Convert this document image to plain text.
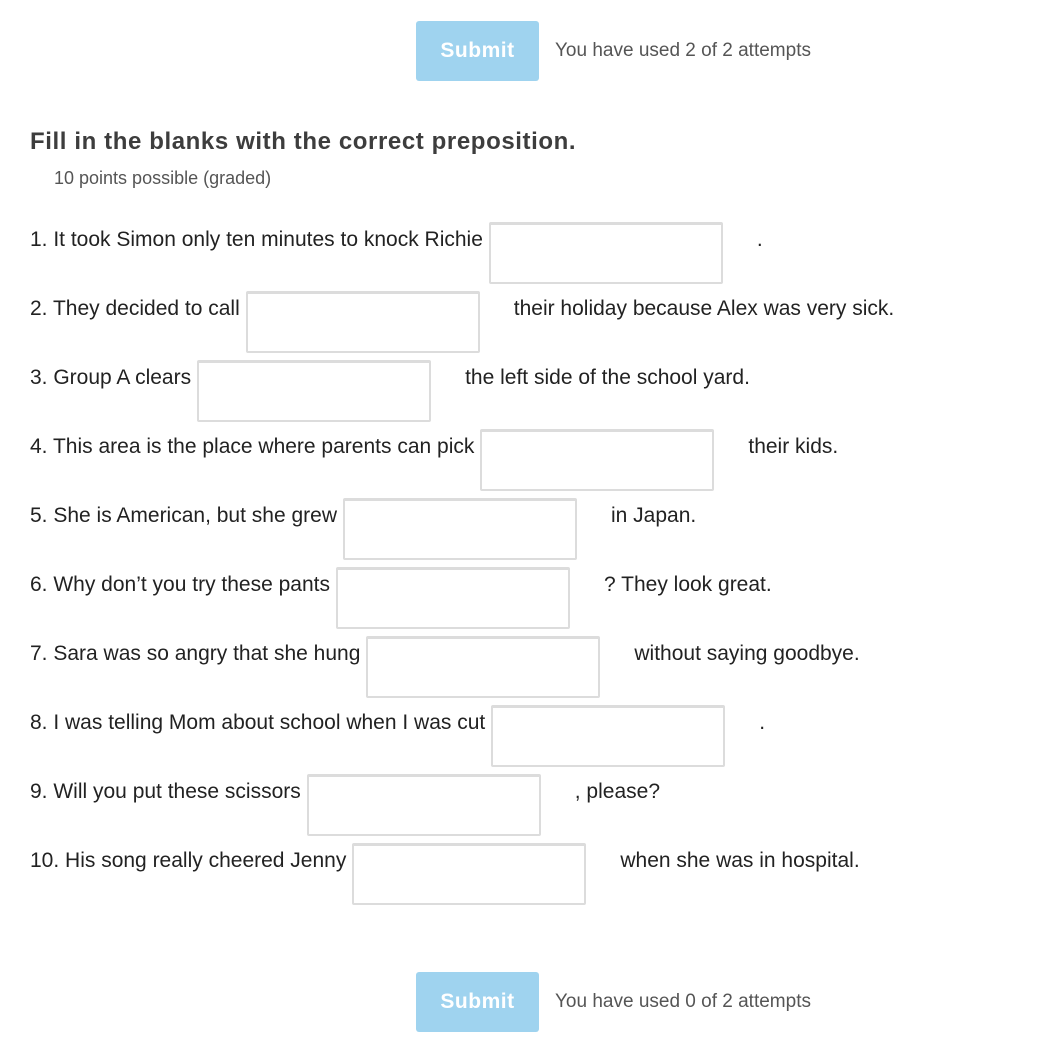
Submit	You have used 2 of 2 attempts
Fill in the blanks with the correct preposition.
10 points possible (graded)
1. It took Simon only ten minutes to knock Richie	.
2. They decided to call	their holiday because Alex was very sick.
3. Group A clears	the left side of the school yard.
4. This area is the place where parents can pick	their kids.
5. She is American, but she grew	in Japan.
6. Why don’t you try these pants	? They look great.
7. Sara was so angry that she hung	without saying goodbye.
8. I was telling Mom about school when I was cut	.
9. Will you put these scissors	, please?
10. His song really cheered Jenny	when she was in hospital.
Submit	You have used 0 of 2 attempts
